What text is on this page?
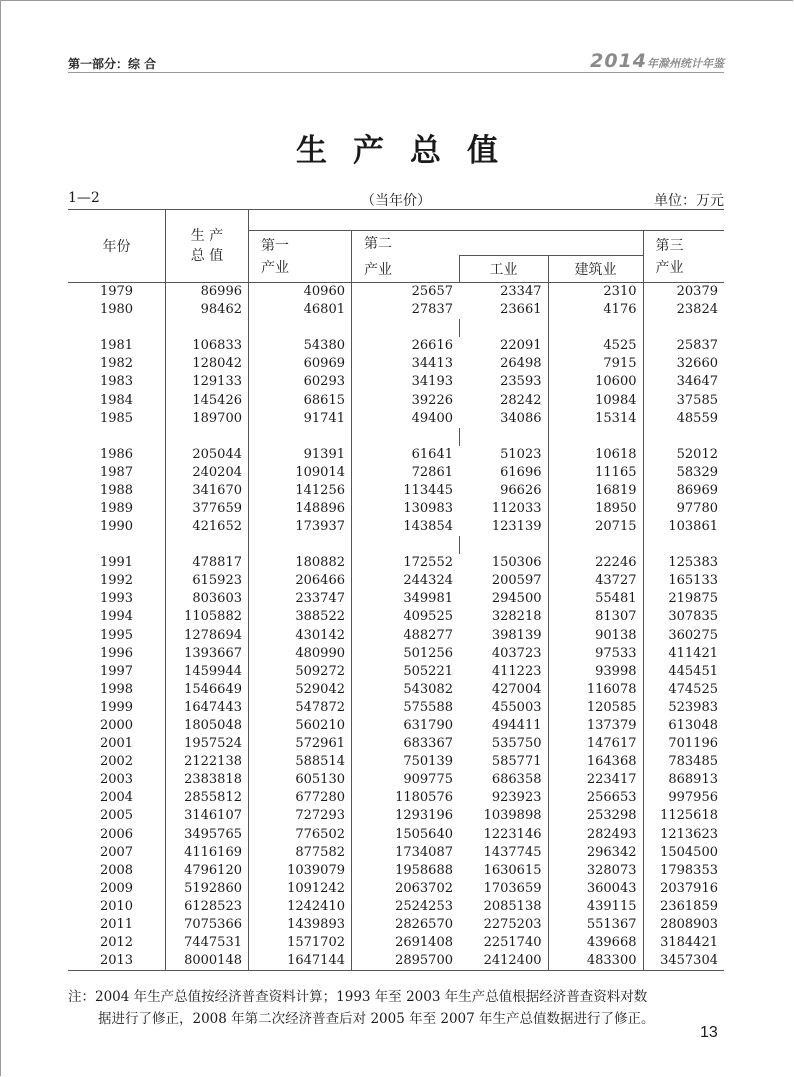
第一部分：综 合	2014年滁州统计年鉴
生产总值
1—2	（当年价）	单位：万元
年份	生 产
总 值					
		第一
产业	第二			第三
产业
			产业	工业	建筑业	
1979	86996	40960	25657	23347	2310	20379
1980	98462	46801	27837	23661	4176	23824

1981	106833	54380	26616	22091	4525	25837
1982	128042	60969	34413	26498	7915	32660
1983	129133	60293	34193	23593	10600	34647
1984	145426	68615	39226	28242	10984	37585
1985	189700	91741	49400	34086	15314	48559

1986	205044	91391	61641	51023	10618	52012
1987	240204	109014	72861	61696	11165	58329
1988	341670	141256	113445	96626	16819	86969
1989	377659	148896	130983	112033	18950	97780
1990	421652	173937	143854	123139	20715	103861

1991	478817	180882	172552	150306	22246	125383
1992	615923	206466	244324	200597	43727	165133
1993	803603	233747	349981	294500	55481	219875
1994	1105882	388522	409525	328218	81307	307835
1995	1278694	430142	488277	398139	90138	360275
1996	1393667	480990	501256	403723	97533	411421
1997	1459944	509272	505221	411223	93998	445451
1998	1546649	529042	543082	427004	116078	474525
1999	1647443	547872	575588	455003	120585	523983
2000	1805048	560210	631790	494411	137379	613048
2001	1957524	572961	683367	535750	147617	701196
2002	2122138	588514	750139	585771	164368	783485
2003	2383818	605130	909775	686358	223417	868913
2004	2855812	677280	1180576	923923	256653	997956
2005	3146107	727293	1293196	1039898	253298	1125618
2006	3495765	776502	1505640	1223146	282493	1213623
2007	4116169	877582	1734087	1437745	296342	1504500
2008	4796120	1039079	1958688	1630615	328073	1798353
2009	5192860	1091242	2063702	1703659	360043	2037916
2010	6128523	1242410	2524253	2085138	439115	2361859
2011	7075366	1439893	2826570	2275203	551367	2808903
2012	7447531	1571702	2691408	2251740	439668	3184421
2013	8000148	1647144	2895700	2412400	483300	3457304
注：2004 年生产总值按经济普查资料计算；1993 年至 2003 年生产总值根据经济普查资料对数
据进行了修正，2008 年第二次经济普查后对 2005 年至 2007 年生产总值数据进行了修正。
13
